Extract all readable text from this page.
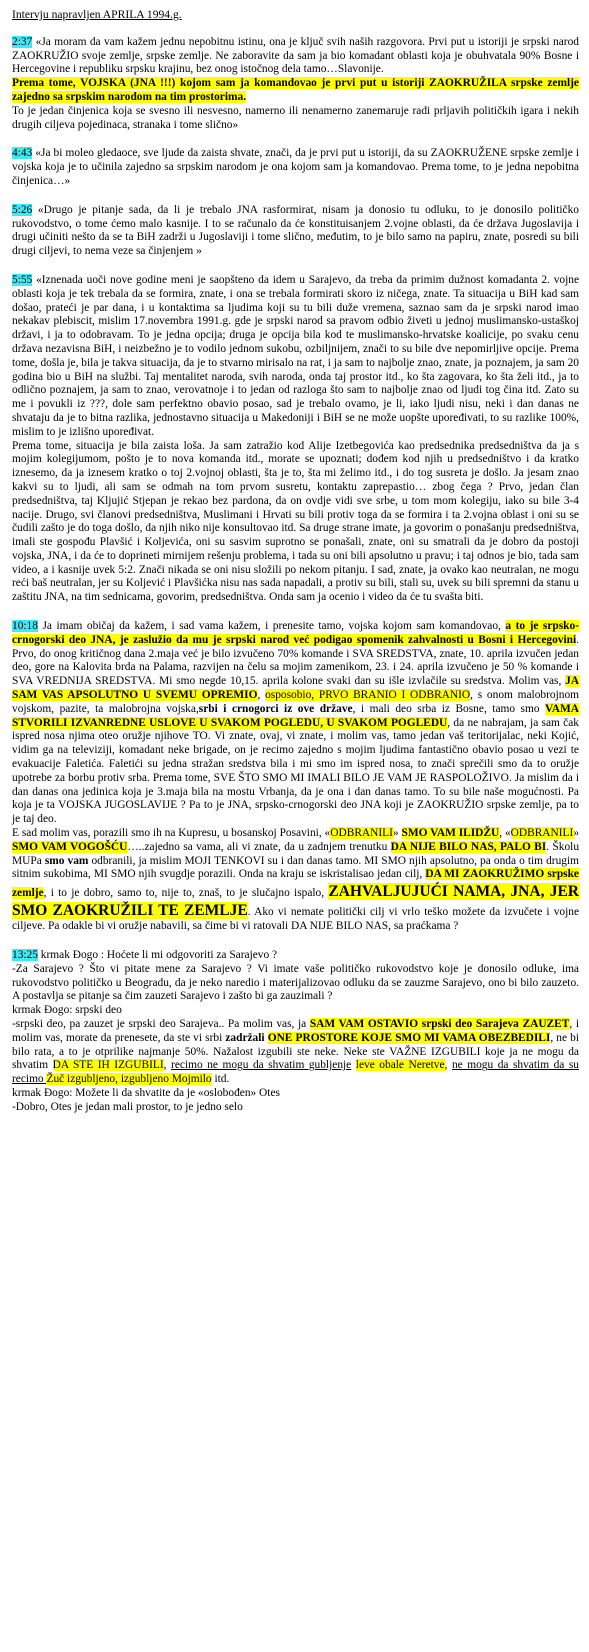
Intervju napravljen APRILA 1994.g.

2:37 «Ja moram da vam kažem jednu nepobitnu istinu, ona je ključ svih naših razgovora. Prvi put u istoriji je srpski narod ZAOKRUŽIO svoje zemlje, srpske zemlje. Ne zaboravite da sam ja bio komadant oblasti koja je obuhvatala 90% Bosne i Hercegovine i republiku srpsku krajinu, bez onog istočnog dela tamo…Slavonije.

Prema tome, VOJSKA (JNA !!!) kojom sam ja komandovao je prvi put u istoriji ZAOKRUŽILA srpske zemlje zajedno sa srpskim narodom na tim prostorima.

To je jedan činjenica koja se svesno ili nesvesno, namerno ili nenamerno zanemaruje radi prljavih političkih igara i nekih drugih ciljeva pojedinaca, stranaka i tome slično»

4:43 «Ja bi moleo gledaoce, sve ljude da zaista shvate, znači, da je prvi put u istoriji, da su ZAOKRUŽENE srpske zemlje i vojska koja je to učinila zajedno sa srpskim narodom je ona kojom sam ja komandovao. Prema tome, to je jedna nepobitna činjenica…»

5:26 «Drugo je pitanje sada, da li je trebalo JNA rasformirat, nisam ja donosio tu odluku, to je donosilo političko rukovodstvo, o tome ćemo malo kasnije. I to se računalo da će konstituisanjem 2.vojne oblasti, da će država Jugoslavija i drugi učiniti nešto da se ta BiH zadrži u Jugoslaviji i tome slično, međutim, to je bilo samo na papiru, znate, posredi su bili drugi ciljevi, to nema veze sa činjenjem »

5:55 «Iznenada uoči nove godine meni je saopšteno da idem u Sarajevo, da treba da primim dužnost komadanta 2. vojne oblasti koja je tek trebala da se formira, znate, i ona se trebala formirati skoro iz ničega, znate. Ta situacija u BiH kad sam došao, prateći je par dana, i u kontaktima sa ljudima koji su tu bili duže vremena, saznao sam da je srpski narod imao nekakav plebiscit, mislim 17.novembra 1991.g. gde je srpski narod sa pravom odbio živeti u jednoj muslimansko-ustaškoj državi, i ja to odobravam. To je jedna opcija; druga je opcija bila kod te muslimansko-hrvatske koalicije, po svaku cenu država nezavisna BiH, i neizbežno je to vodilo jednom sukobu, ozbiljnijem, znači to su bile dve nepomirljive opcije. Prema tome, došla je, bila je takva situacija, da je to stvarno mirisalo na rat, i ja sam to najbolje znao, znate, ja poznajem, ja sam 20 godina bio u BiH na službi. Taj mentalitet naroda, svih naroda, onda taj prostor itd., ko šta zagovara, ko šta želi itd., ja to odlično poznajem, ja sam to znao, verovatnoje i to jedan od razloga što sam to najbolje znao od ljudi tog čina itd. Zato su me i povukli iz ???, dole sam perfektno obavio posao, sad je trebalo ovamo, je li, iako ljudi nisu, neki i dan danas ne shvataju da je to bitna razlika, jednostavno situacija u Makedoniji i BiH se ne može uopšte upoređivati, to su razlike 100%, mislim to je izlišno upoređivat.

Prema tome, situacija je bila zaista loša. Ja sam zatražio kod Alije Izetbegovića kao predsednika predsedništva da ja s mojim kolegijumom, pošto je to nova komanda itd., morate se upoznati; dođem kod njih u predsedništvo i da kratko iznesemo, da ja iznesem kratko o toj 2.vojnoj oblasti, šta je to, šta mi želimo itd., i do tog susreta je došlo. Ja jesam znao kakvi su to ljudi, ali sam se odmah na tom prvom susretu, kontaktu zaprepastio… zbog čega ? Prvo, jedan član predsedništva, taj Kljujić Stjepan je rekao bez pardona, da on ovdje vidi sve srbe, u tom mom kolegiju, iako su bile 3-4 nacije. Drugo, svi članovi predsedništva, Muslimani i Hrvati su bili protiv toga da se formira i ta 2.vojna oblast i oni su se čudili zašto je do toga došlo, da njih niko nije konsultovao itd. Sa druge strane imate, ja govorim o ponašanju predsedništva, imali ste gospođu Plavšić i Koljevića, oni su sasvim suprotno se ponašali, znate, oni su smatrali da je dobro da postoji vojska, JNA, i da će to doprineti mirnijem rešenju problema, i tada su oni bili apsolutno u pravu; i taj odnos je bio, tada sam video, a i kasnije uvek 5:2. Znači nikada se oni nisu složili po nekom pitanju. I sad, znate, ja ovako kao neutralan, ne mogu reći baš neutralan, jer su Koljević i Plavšićka nisu nas sada napadali, a protiv su bili, stali su, uvek su bili spremni da stanu u zaštitu JNA, na tim sednicama, govorim, predsedništva. Onda sam ja ocenio i video da će tu svašta biti.

10:18 Ja imam običaj da kažem, i sad vama kažem, i prenesite tamo, vojska kojom sam komandovao, a to je srpsko-crnogorski deo JNA, je zaslužio da mu je srpski narod već podigao spomenik zahvalnosti u Bosni i Hercegovini. Prvo, do onog kritičnog dana 2.maja već je bilo izvučeno 70% komande i SVA SREDSTVA, znate, 10. aprila izvučen jedan deo, gore na Kalovita brda na Palama, razvijen na čelu sa mojim zamenikom, 23. i 24. aprila izvučeno je 50 % komande i SVA VREDNIJA SREDSTVA. Mi smo negde 10,15. aprila kolone svaki dan su išle izvlačile su sredstva. Molim vas, JA SAM VAS APSOLUTNO U SVEMU OPREMIO, osposobio, PRVO BRANIO I ODBRANIO, s onom malobrojnom vojskom, pazite, ta malobrojna vojska,srbi i crnogorci iz ove države, i mali deo srba iz Bosne, tamo smo VAMA STVORILI IZVANREDNE USLOVE U SVAKOM POGLEDU, U SVAKOM POGLEDU, da ne nabrajam, ja sam čak ispred nosa njima oteo oružje njihove TO. Vi znate, ovaj, vi znate, i molim vas, tamo jedan vaš teritorijalac, neki Kojić, vidim ga na televiziji, komadant neke brigade, on je recimo zajedno s mojim ljudima fantastično obavio posao u vezi te evakuacije Faletića. Faletići su jedna stražan sredstva bila i mi smo im ispred nosa, to znači sprečili smo da to oružje upotrebe za borbu protiv srba. Prema tome, SVE ŠTO SMO MI IMALI BILO JE VAM JE RASPOLOŽIVO. Ja mislim da i dan danas ona jedinica koja je 3.maja bila na mostu Vrbanja, da je ona i dan danas tamo. To su bile naše mogućnosti. Pa koja je ta VOJSKA JUGOSLAVIJE ? Pa to je JNA, srpsko-crnogorski deo JNA koji je ZAOKRUŽIO srpske zemlje, pa to je taj deo.

E sad molim vas, porazili smo ih na Kupresu, u bosanskoj Posavini, «ODBRANILI» SMO VAM ILIDŽU, «ODBRANILI» SMO VAM VOGOŠĆU…..zajedno sa vama, ali vi znate, da u zadnjem trenutku DA NIJE BILO NAS, PALO BI. Školu MUPa smo vam odbranili, ja mislim MOJI TENKOVI su i dan danas tamo. MI SMO njih apsolutno, pa onda o tim drugim sitnim sukobima, MI SMO njih svugdje porazili. Onda na kraju se iskristalisao jedan cilj, DA MI ZAOKRUŽIMO srpske zemlje, i to je dobro, samo to, nije to, znaš, to je slučajno ispalo, ZAHVALJUJUĆI NAMA, JNA, JER SMO ZAOKRUŽILI TE ZEMLJE. Ako vi nemate politički cilj vi vrlo teško možete da izvučete i vojne ciljeve. Pa odakle bi vi oružje nabavili, sa čime bi vi ratovali DA NIJE BILO NAS, sa praćkama ?

13:25 krmak Đogo : Hoćete li mi odgovoriti za Sarajevo ?

-Za Sarajevo ? Što vi pitate mene za Sarajevo ? Vi imate vaše političko rukovodstvo koje je donosilo odluke, ima rukovodstvo političko u Beogradu, da je neko naredio i materijalizovao odluku da se zauzme Sarajevo, ono bi bilo zauzeto. A postavlja se pitanje sa čim zauzeti Sarajevo i zašto bi ga zauzimali ?

krmak Đogo: srpski deo

-srpski deo, pa zauzet je srpski deo Sarajeva.. Pa molim vas, ja SAM VAM OSTAVIO srpski deo Sarajeva ZAUZET, i molim vas, morate da prenesete, da ste vi srbi zadržali ONE PROSTORE KOJE SMO MI VAMA OBEZBEDILI, ne bi bilo rata, a to je otprilike najmanje 50%. Nažalost izgubili ste neke. Neke ste VAŽNE IZGUBILI koje ja ne mogu da shvatim DA STE IH IZGUBILI, recimo ne mogu da shvatim gubljenje leve obale Neretve, ne mogu da shvatim da su recimo Žuč izgubljeno, izgubljeno Mojmilo itd.

krmak Đogo: Možete li da shvatite da je «oslobođen» Otes

-Dobro, Otes je jedan mali prostor, to je jedno selo
